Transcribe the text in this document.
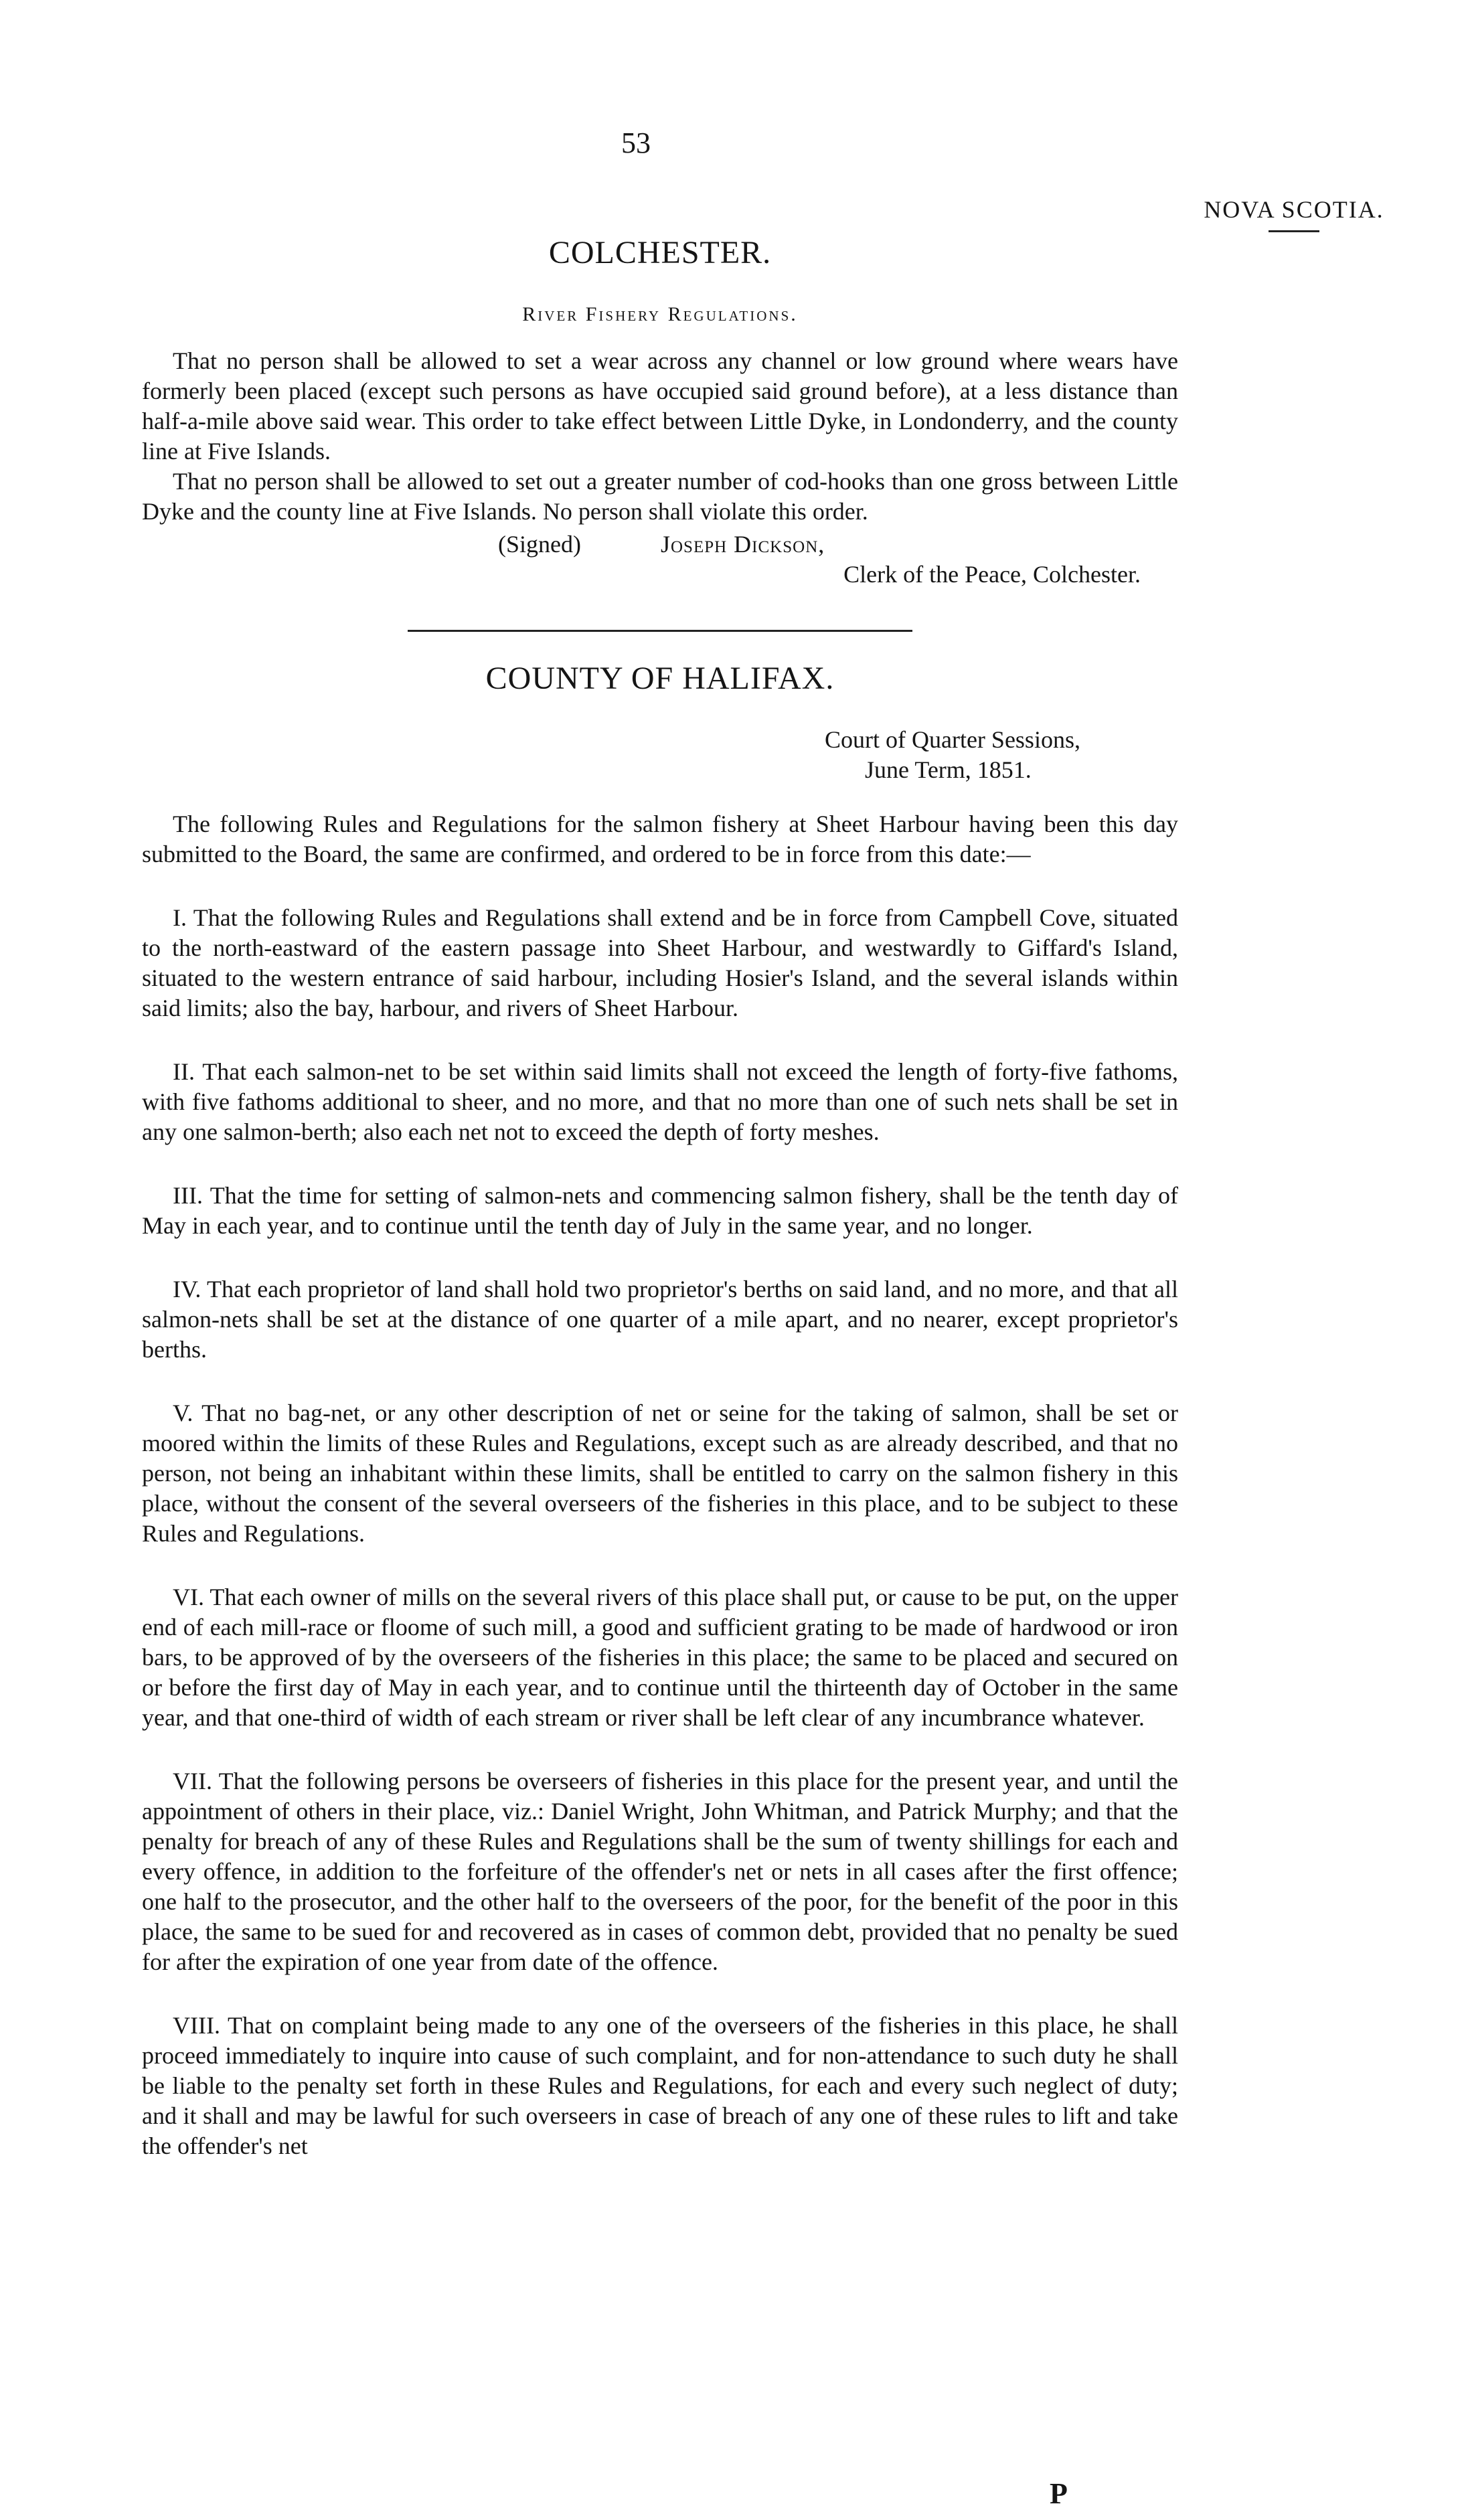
53
NOVA SCOTIA.
COLCHESTER.
River Fishery Regulations.

That no person shall be allowed to set a wear across any channel or low ground where wears have formerly been placed (except such persons as have occupied said ground before), at a less distance than half-a-mile above said wear. This order to take effect between Little Dyke, in Londonderry, and the county line at Five Islands.

That no person shall be allowed to set out a greater number of cod-hooks than one gross between Little Dyke and the county line at Five Islands. No person shall violate this order.

(Signed)	Joseph Dickson,
Clerk of the Peace, Colchester.
COUNTY OF HALIFAX.
Court of Quarter Sessions,
June Term, 1851.

The following Rules and Regulations for the salmon fishery at Sheet Harbour having been this day submitted to the Board, the same are confirmed, and ordered to be in force from this date:—

I. That the following Rules and Regulations shall extend and be in force from Campbell Cove, situated to the north-eastward of the eastern passage into Sheet Harbour, and westwardly to Giffard's Island, situated to the western entrance of said harbour, including Hosier's Island, and the several islands within said limits; also the bay, harbour, and rivers of Sheet Harbour.

II. That each salmon-net to be set within said limits shall not exceed the length of forty-five fathoms, with five fathoms additional to sheer, and no more, and that no more than one of such nets shall be set in any one salmon-berth; also each net not to exceed the depth of forty meshes.

III. That the time for setting of salmon-nets and commencing salmon fishery, shall be the tenth day of May in each year, and to continue until the tenth day of July in the same year, and no longer.

IV. That each proprietor of land shall hold two proprietor's berths on said land, and no more, and that all salmon-nets shall be set at the distance of one quarter of a mile apart, and no nearer, except proprietor's berths.

V. That no bag-net, or any other description of net or seine for the taking of salmon, shall be set or moored within the limits of these Rules and Regulations, except such as are already described, and that no person, not being an inhabitant within these limits, shall be entitled to carry on the salmon fishery in this place, without the consent of the several overseers of the fisheries in this place, and to be subject to these Rules and Regulations.

VI. That each owner of mills on the several rivers of this place shall put, or cause to be put, on the upper end of each mill-race or floome of such mill, a good and sufficient grating to be made of hardwood or iron bars, to be approved of by the overseers of the fisheries in this place; the same to be placed and secured on or before the first day of May in each year, and to continue until the thirteenth day of October in the same year, and that one-third of width of each stream or river shall be left clear of any incumbrance whatever.

VII. That the following persons be overseers of fisheries in this place for the present year, and until the appointment of others in their place, viz.: Daniel Wright, John Whitman, and Patrick Murphy; and that the penalty for breach of any of these Rules and Regulations shall be the sum of twenty shillings for each and every offence, in addition to the forfeiture of the offender's net or nets in all cases after the first offence; one half to the prosecutor, and the other half to the overseers of the poor, for the benefit of the poor in this place, the same to be sued for and recovered as in cases of common debt, provided that no penalty be sued for after the expiration of one year from date of the offence.

VIII. That on complaint being made to any one of the overseers of the fisheries in this place, he shall proceed immediately to inquire into cause of such complaint, and for non-attendance to such duty he shall be liable to the penalty set forth in these Rules and Regulations, for each and every such neglect of duty; and it shall and may be lawful for such overseers in case of breach of any one of these rules to lift and take the offender's net

P
